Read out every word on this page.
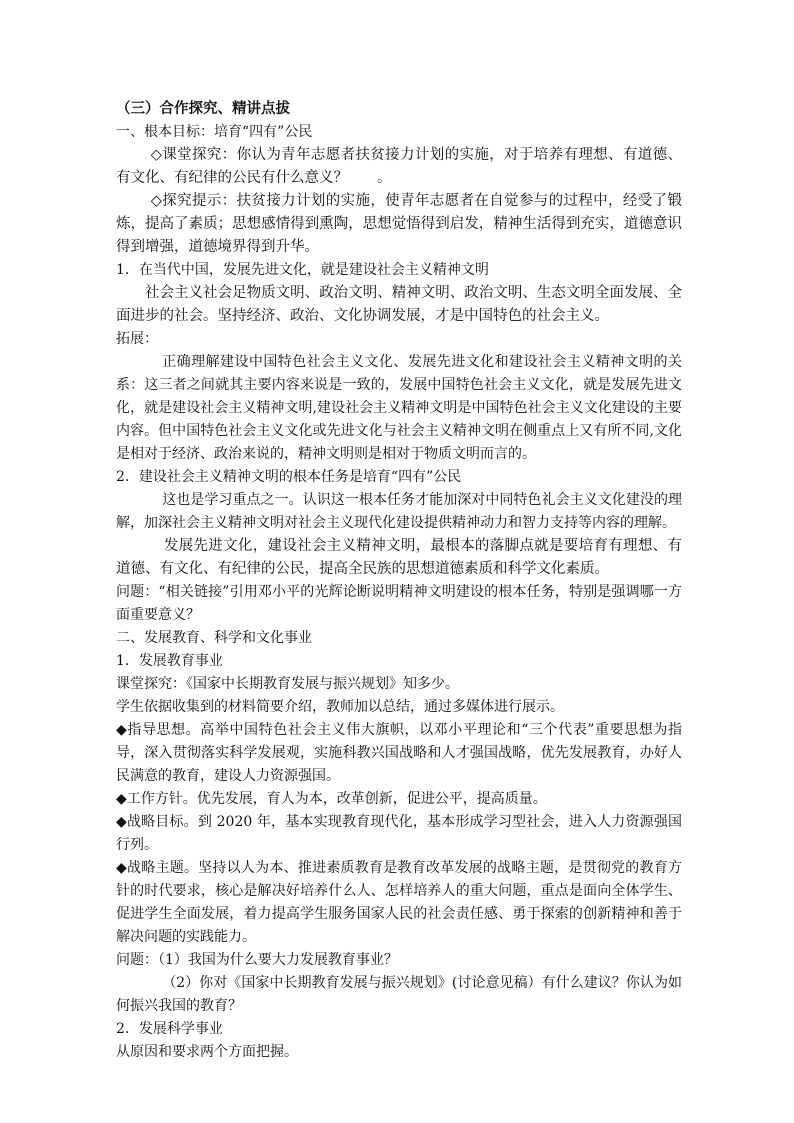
（三）合作探究、精讲点拔

一、根本目标：培育“四有”公民

◇课堂探究：你认为青年志愿者扶贫接力计划的实施，对于培养有理想、有道德、有文化、有纪律的公民有什么意义？　　。

◇探究提示：扶贫接力计划的实施，使青年志愿者在自觉参与的过程中，经受了锻炼，提高了素质；思想感情得到熏陶，思想觉悟得到启发，精神生活得到充实，道德意识得到增强，道德境界得到升华。

1．在当代中国，发展先进文化，就是建设社会主义精神文明

社会主义社会足物质文明、政治文明、精神文明、政治文明、生态文明全面发展、全面进步的社会。坚持经济、政治、文化协调发展，才是中国特色的社会主义。

拓展：

正确理解建设中国特色社会主义文化、发展先进文化和建设社会主义精神文明的关系：这三者之间就其主要内容来说是一致的，发展中国特色社会主义文化，就是发展先进文化，就是建设社会主义精神文明,建设社会主义精神文明是中国特色社会主义文化建设的主要内容。但中国特色社会主义文化或先进文化与社会主义精神文明在侧重点上又有所不同,文化是相对于经济、政治来说的，精神文明则是相对于物质文明而言的。

2．建设社会主义精神文明的根本任务是培育“四有”公民

这也是学习重点之一。认识这一根本任务才能加深对中同特色礼会主义文化建没的理解，加深社会主义精神文明对社会主义现代化建设提供精神动力和智力支持等内容的理解。

发展先进文化，建设社会主义精神文明，最根本的落脚点就是要培育有理想、有道德、有文化、有纪律的公民，提高全民族的思想道德素质和科学文化素质。

问题：“相关链接”引用邓小平的光辉论断说明精神文明建设的根本任务，特别是强调哪一方面重要意义？

二、发展教育、科学和文化事业

1．发展教育事业

课堂探究：《国家中长期教育发展与振兴规划》知多少。

学生依据收集到的材料简要介绍，教师加以总结，通过多媒体进行展示。

◆指导思想。高举中国特色社会主义伟大旗帜，以邓小平理论和“三个代表”重要思想为指导，深入贯彻落实科学发展观，实施科教兴国战略和人才强国战略，优先发展教育，办好人民满意的教育，建设人力资源强国。

◆工作方针。优先发展，育人为本，改革创新，促进公平，提高质量。

◆战略目标。到 2020 年，基本实现教育现代化，基本形成学习型社会，进入人力资源强国行列。

◆战略主题。坚持以人为本、推进素质教育是教育改革发展的战略主题，是贯彻党的教育方针的时代要求，核心是解决好培养什么人、怎样培养人的重大问题，重点是面向全体学生、促进学生全面发展，着力提高学生服务国家人民的社会责任感、勇于探索的创新精神和善于解决问题的实践能力。

问题：（1）我国为什么要大力发展教育事业？

（2）你对《国家中长期教育发展与振兴规划》(讨论意见稿）有什么建议？你认为如何振兴我国的教育？

2．发展科学事业

从原因和要求两个方面把握。
